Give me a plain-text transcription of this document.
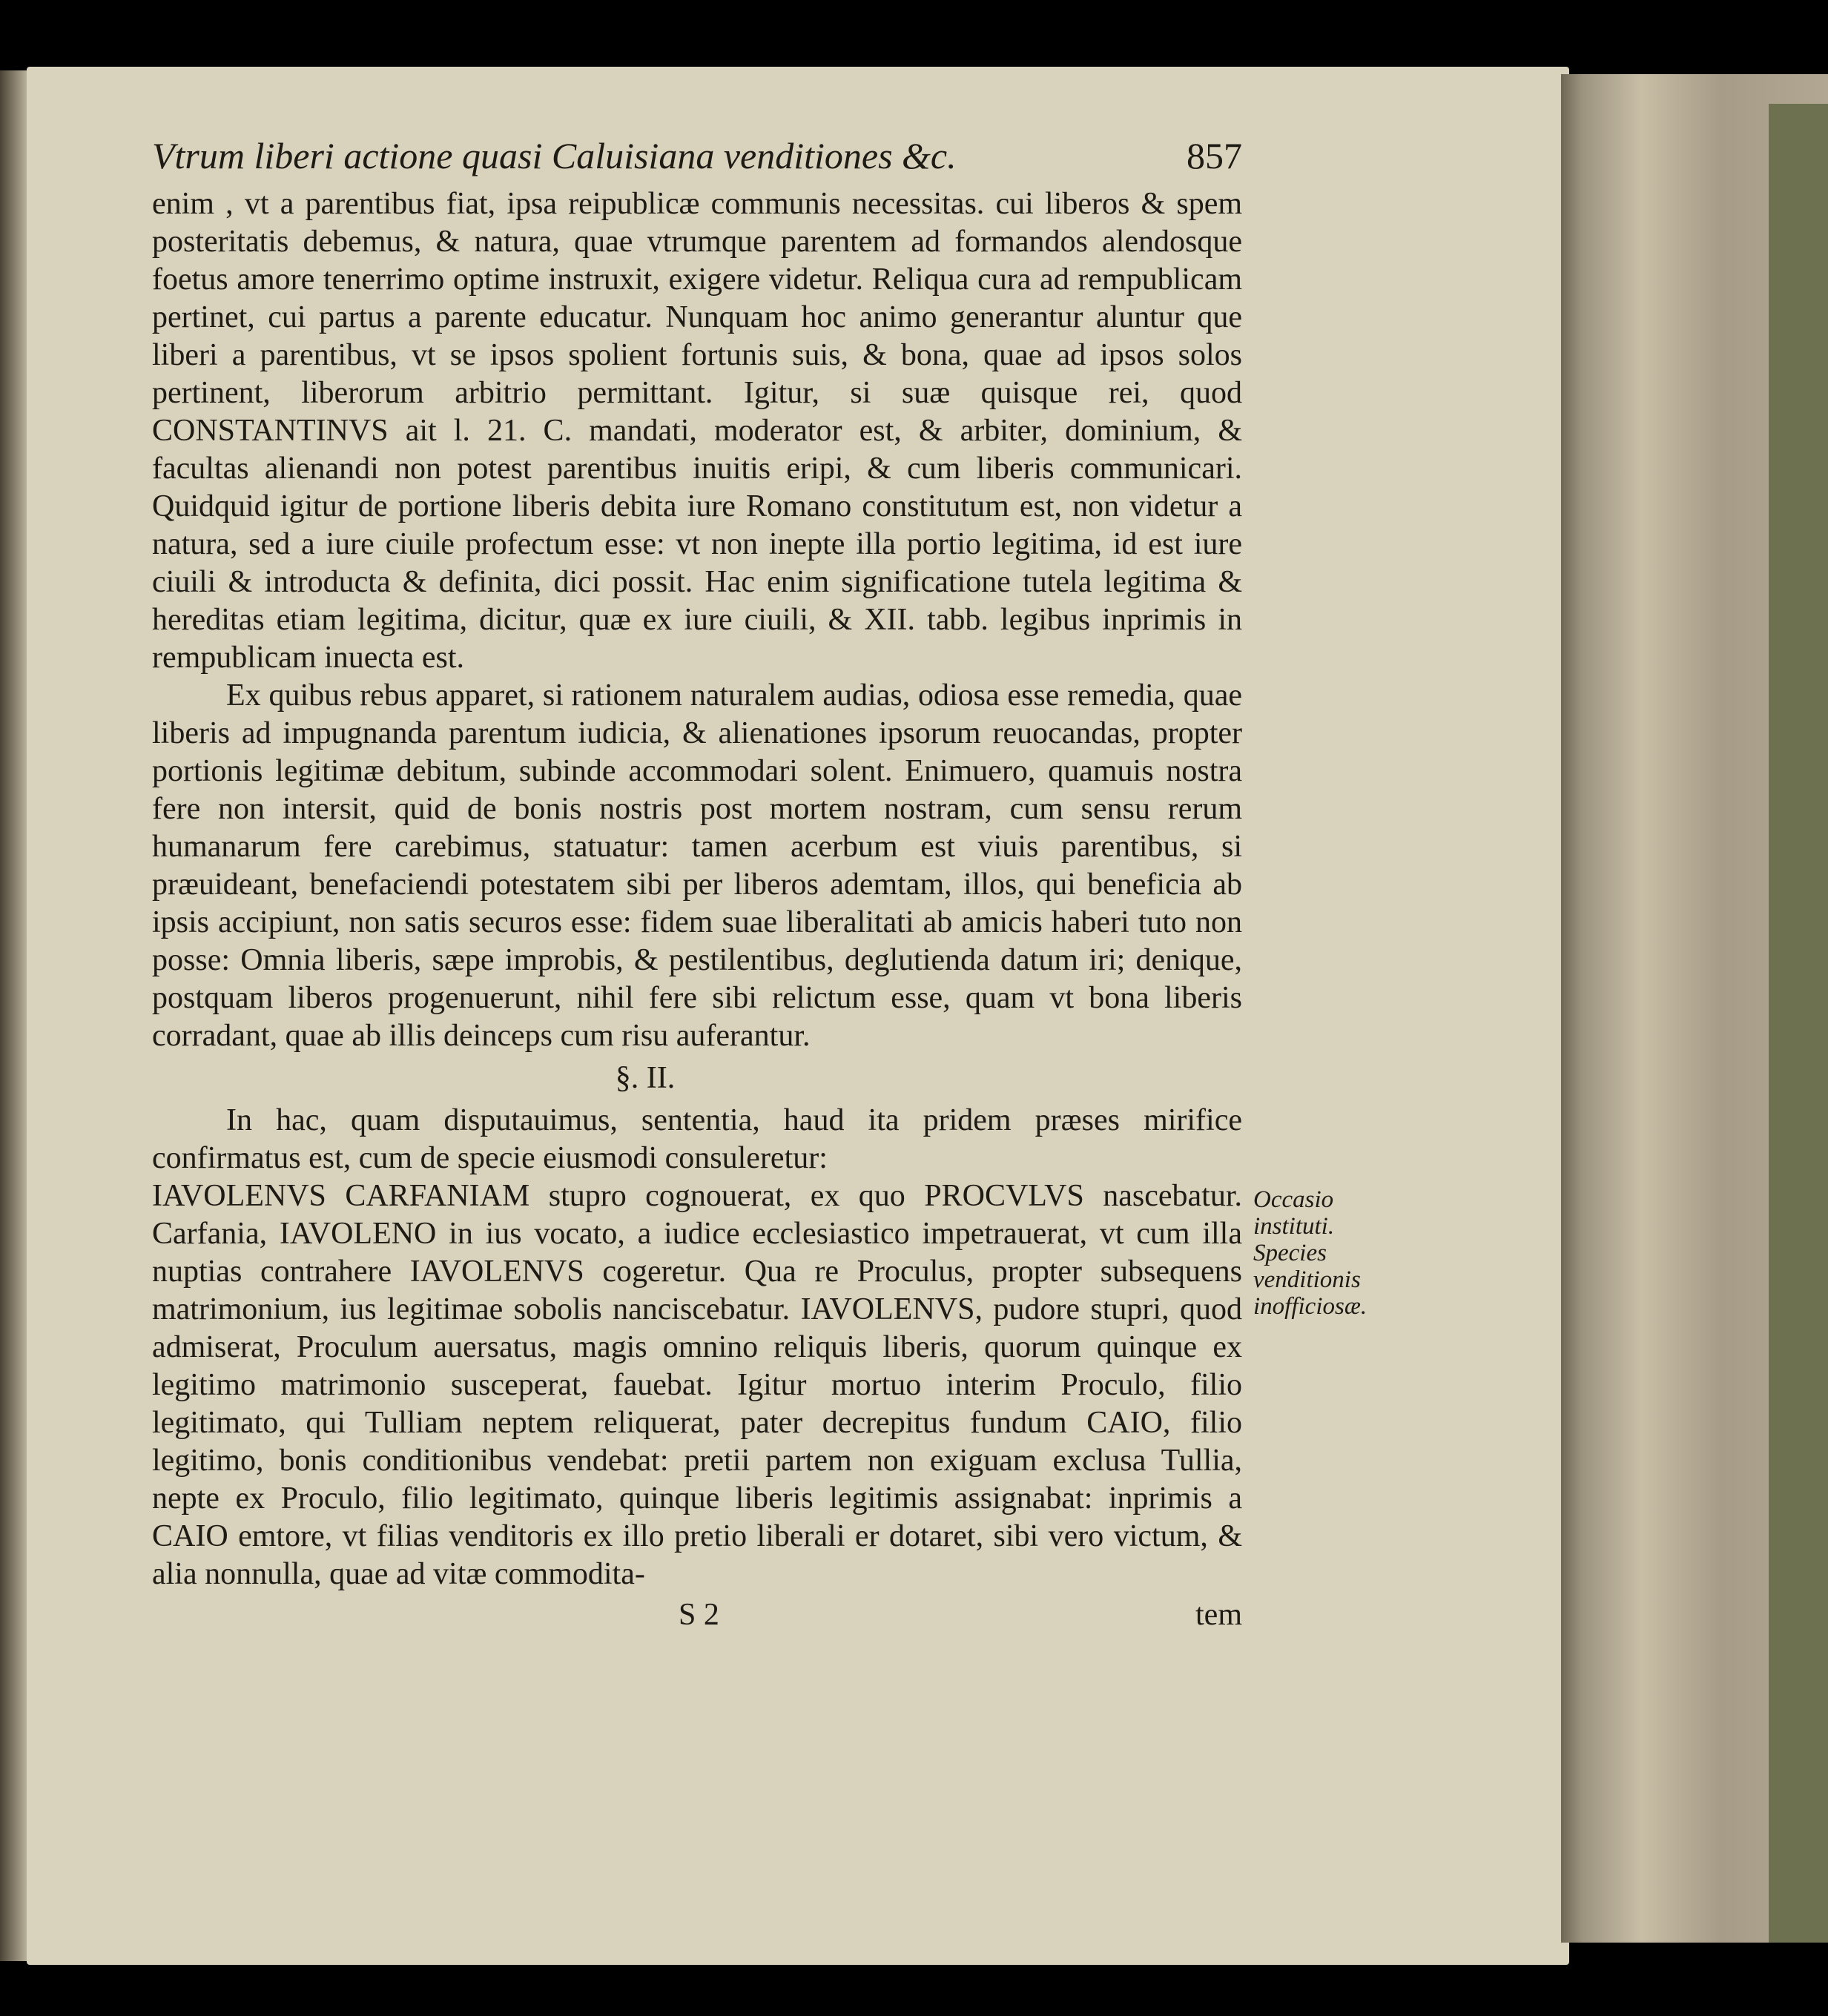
Vtrum liberi actione quasi Caluisiana venditiones &c.	857

enim , vt a parentibus fiat, ipsa reipublicæ communis necessitas. cui liberos & spem posteritatis debemus, & natura, quae vtrumque parentem ad formandos alendosque foetus amore tenerrimo optime instruxit, exigere videtur. Reliqua cura ad rempublicam pertinet, cui partus a parente educatur. Nunquam hoc animo generantur aluntur que liberi a parentibus, vt se ipsos spolient fortunis suis, & bona, quae ad ipsos solos pertinent, liberorum arbitrio permittant. Igitur, si suæ quisque rei, quod CONSTANTINVS ait l. 21. C. mandati, moderator est, & arbiter, dominium, & facultas alienandi non potest parentibus inuitis eripi, & cum liberis communicari. Quidquid igitur de portione liberis debita iure Romano constitutum est, non videtur a natura, sed a iure ciuile profectum esse: vt non inepte illa portio legitima, id est iure ciuili & introducta & definita, dici possit. Hac enim significatione tutela legitima & hereditas etiam legitima, dicitur, quæ ex iure ciuili, & XII. tabb. legibus inprimis in rempublicam inuecta est.

Ex quibus rebus apparet, si rationem naturalem audias, odiosa esse remedia, quae liberis ad impugnanda parentum iudicia, & alienationes ipsorum reuocandas, propter portionis legitimæ debitum, subinde accommodari solent. Enimuero, quamuis nostra fere non intersit, quid de bonis nostris post mortem nostram, cum sensu rerum humanarum fere carebimus, statuatur: tamen acerbum est viuis parentibus, si præuideant, benefaciendi potestatem sibi per liberos ademtam, illos, qui beneficia ab ipsis accipiunt, non satis securos esse: fidem suae liberalitati ab amicis haberi tuto non posse: Omnia liberis, sæpe improbis, & pestilentibus, deglutienda datum iri; denique, postquam liberos progenuerunt, nihil fere sibi relictum esse, quam vt bona liberis corradant, quae ab illis deinceps cum risu auferantur.

§. II.

In hac, quam disputauimus, sententia, haud ita pridem præses mirifice confirmatus est, cum de specie eiusmodi consuleretur:

IAVOLENVS CARFANIAM stupro cognouerat, ex quo PROCVLVS nascebatur. Carfania, IAVOLENO in ius vocato, a iudice ecclesiastico impetrauerat, vt cum illa nuptias contrahere IAVOLENVS cogeretur. Qua re Proculus, propter subsequens matrimonium, ius legitimae sobolis nanciscebatur. IAVOLENVS, pudore stupri, quod admiserat, Proculum auersatus, magis omnino reliquis liberis, quorum quinque ex legitimo matrimonio susceperat, fauebat. Igitur mortuo interim Proculo, filio legitimato, qui Tulliam neptem reliquerat, pater decrepitus fundum CAIO, filio legitimo, bonis conditionibus vendebat: pretii partem non exiguam exclusa Tullia, nepte ex Proculo, filio legitimato, quinque liberis legitimis assignabat: inprimis a CAIO emtore, vt filias venditoris ex illo pretio liberali er dotaret, sibi vero victum, & alia nonnulla, quae ad vitæ commodita-

S 2	tem
Occasio instituti. Species venditionis inofficiosæ.
